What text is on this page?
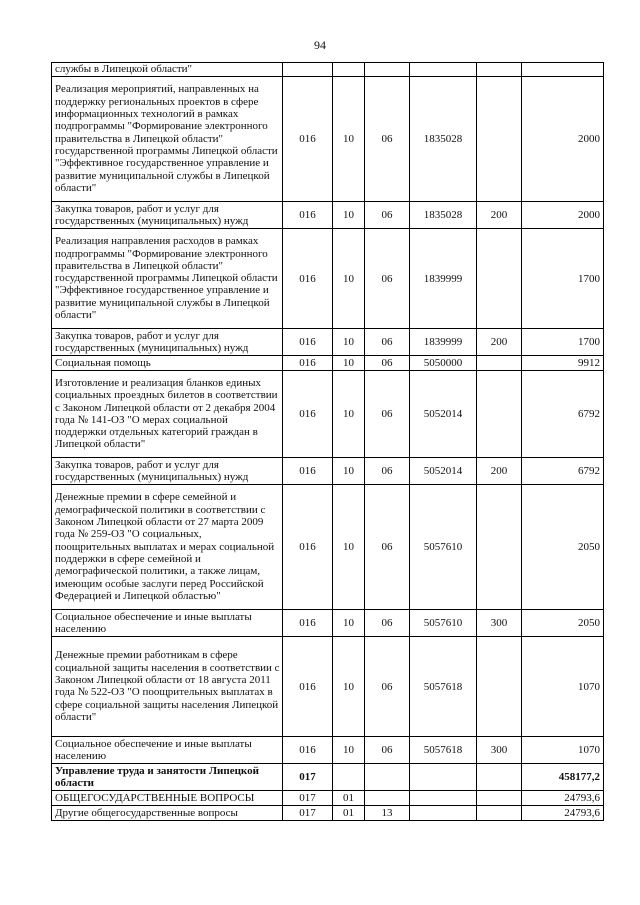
94
службы в Липецкой области"						
Реализация мероприятий, направленных на поддержку региональных проектов в сфере информационных технологий в рамках подпрограммы "Формирование электронного правительства в Липецкой области" государственной программы Липецкой области "Эффективное государственное управление и развитие муниципальной службы в Липецкой области"	016	10	06	1835028		2000
Закупка товаров, работ и услуг для государственных (муниципальных) нужд	016	10	06	1835028	200	2000
Реализация направления расходов в рамках подпрограммы "Формирование электронного правительства в Липецкой области" государственной программы Липецкой области "Эффективное государственное управление и развитие муниципальной службы в Липецкой области"	016	10	06	1839999		1700
Закупка товаров, работ и услуг для государственных (муниципальных) нужд	016	10	06	1839999	200	1700
Социальная помощь	016	10	06	5050000		9912
Изготовление и реализация бланков единых социальных проездных билетов в соответствии с Законом Липецкой области от 2 декабря 2004 года № 141-ОЗ "О мерах социальной поддержки отдельных категорий граждан в Липецкой области"	016	10	06	5052014		6792
Закупка товаров, работ и услуг для государственных (муниципальных) нужд	016	10	06	5052014	200	6792
Денежные премии в сфере семейной и демографической политики в соответствии с Законом Липецкой области от 27 марта 2009 года № 259-ОЗ "О социальных, поощрительных выплатах и мерах социальной поддержки в сфере семейной и демографической политики, а также лицам, имеющим особые заслуги перед Российской Федерацией и Липецкой областью"	016	10	06	5057610		2050
Социальное обеспечение и иные выплаты населению	016	10	06	5057610	300	2050
Денежные премии работникам в сфере социальной защиты населения в соответствии с Законом Липецкой области от 18 августа 2011 года № 522-ОЗ "О поощрительных выплатах в сфере социальной защиты населения Липецкой области"	016	10	06	5057618		1070
Социальное обеспечение и иные выплаты населению	016	10	06	5057618	300	1070
Управление труда и занятости Липецкой области	017					458177,2
ОБЩЕГОСУДАРСТВЕННЫЕ ВОПРОСЫ	017	01				24793,6
Другие общегосударственные вопросы	017	01	13			24793,6
